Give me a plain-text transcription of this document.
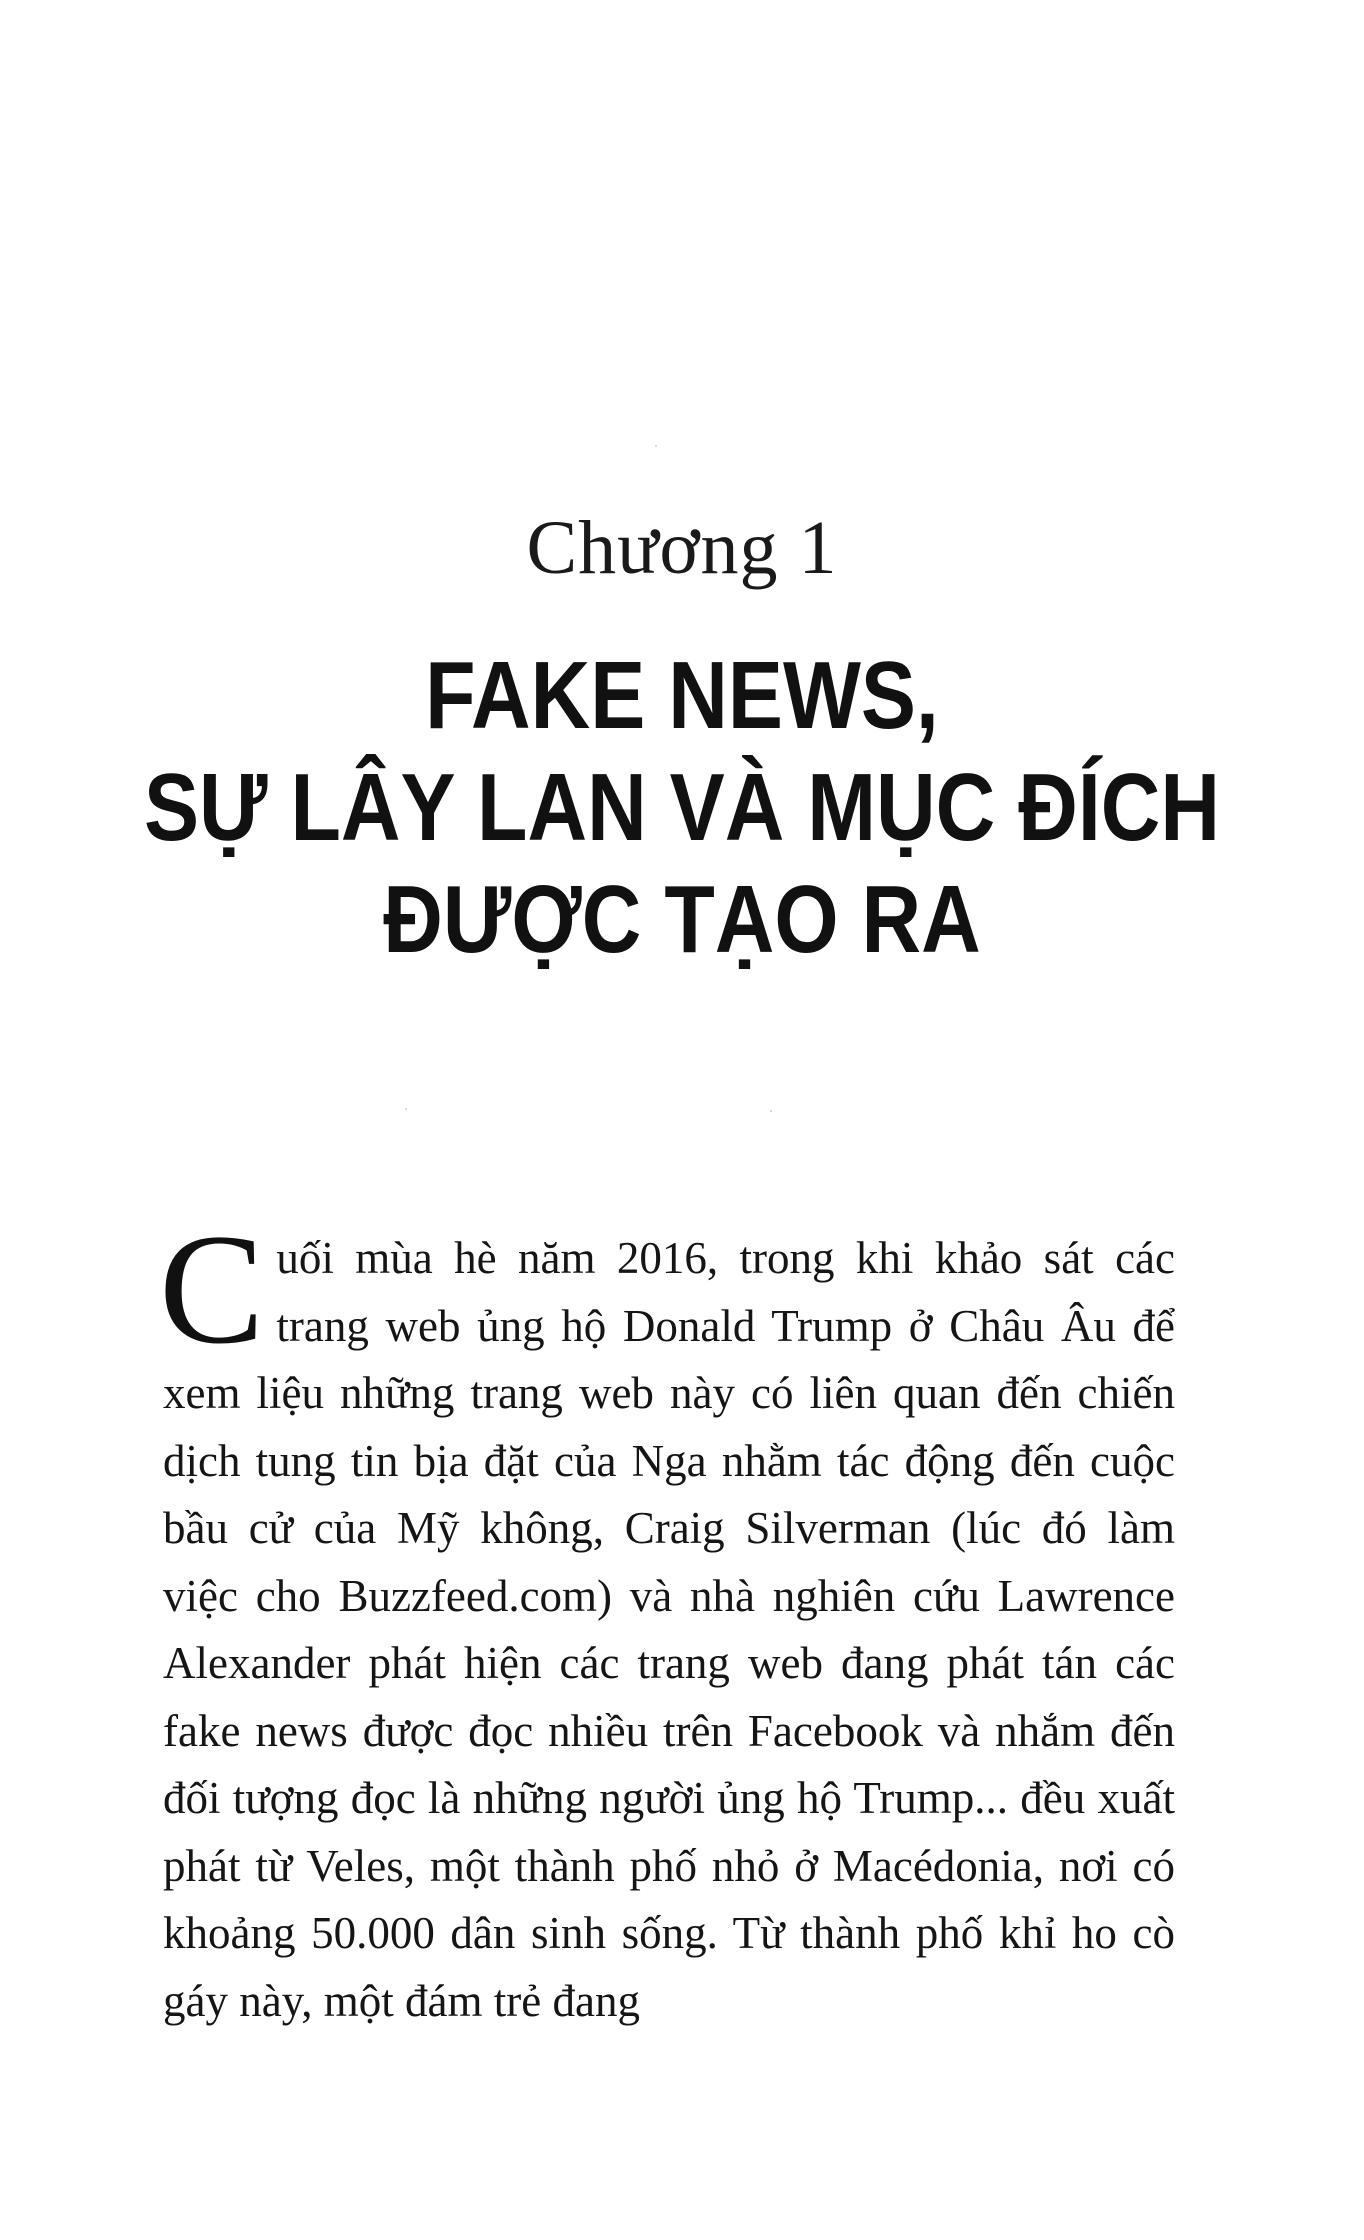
Chương 1
FAKE NEWS,
SỰ LÂY LAN VÀ MỤC ĐÍCH
ĐƯỢC TẠO RA
Cuối mùa hè năm 2016, trong khi khảo sát các trang web ủng hộ Donald Trump ở Châu Âu để xem liệu những trang web này có liên quan đến chiến dịch tung tin bịa đặt của Nga nhằm tác động đến cuộc bầu cử của Mỹ không, Craig Silverman (lúc đó làm việc cho Buzzfeed.com) và nhà nghiên cứu Lawrence Alexander phát hiện các trang web đang phát tán các fake news được đọc nhiều trên Facebook và nhắm đến đối tượng đọc là những người ủng hộ Trump... đều xuất phát từ Veles, một thành phố nhỏ ở Macédonia, nơi có khoảng 50.000 dân sinh sống. Từ thành phố khỉ ho cò gáy này, một đám trẻ đang
